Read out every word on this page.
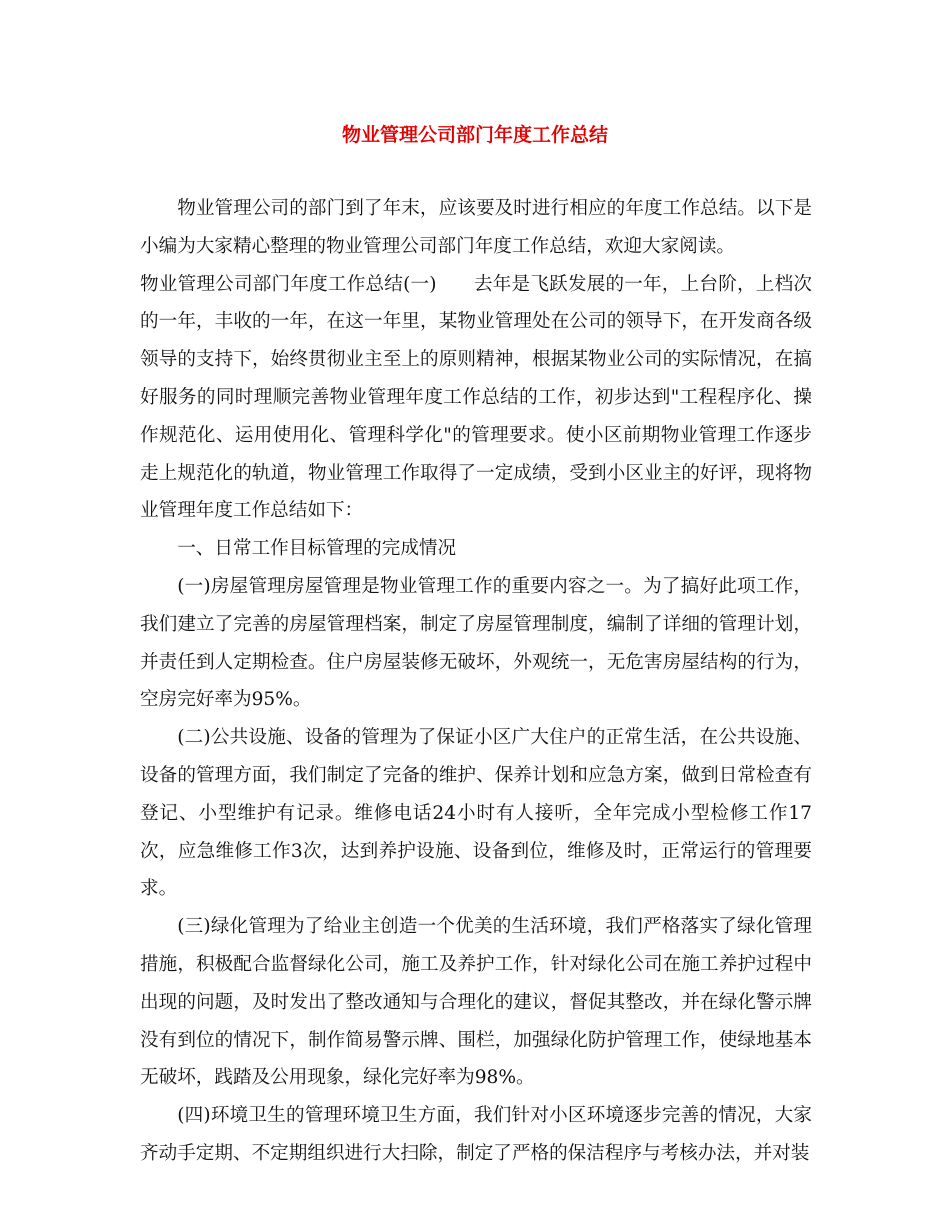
物业管理公司部门年度工作总结

物业管理公司的部门到了年末，应该要及时进行相应的年度工作总结。以下是小编为大家精心整理的物业管理公司部门年度工作总结，欢迎大家阅读。

物业管理公司部门年度工作总结(一) 去年是飞跃发展的一年，上台阶，上档次的一年，丰收的一年，在这一年里，某物业管理处在公司的领导下，在开发商各级领导的支持下，始终贯彻业主至上的原则精神，根据某物业公司的实际情况，在搞好服务的同时理顺完善物业管理年度工作总结的工作，初步达到"工程程序化、操作规范化、运用使用化、管理科学化"的管理要求。使小区前期物业管理工作逐步走上规范化的轨道，物业管理工作取得了一定成绩，受到小区业主的好评，现将物业管理年度工作总结如下：

一、日常工作目标管理的完成情况

(一)房屋管理房屋管理是物业管理工作的重要内容之一。为了搞好此项工作，我们建立了完善的房屋管理档案，制定了房屋管理制度，编制了详细的管理计划，并责任到人定期检查。住户房屋装修无破坏，外观统一，无危害房屋结构的行为，空房完好率为95%。

(二)公共设施、设备的管理为了保证小区广大住户的正常生活，在公共设施、设备的管理方面，我们制定了完备的维护、保养计划和应急方案，做到日常检查有登记、小型维护有记录。维修电话24小时有人接听，全年完成小型检修工作17次，应急维修工作3次，达到养护设施、设备到位，维修及时，正常运行的管理要求。

(三)绿化管理为了给业主创造一个优美的生活环境，我们严格落实了绿化管理措施，积极配合监督绿化公司，施工及养护工作，针对绿化公司在施工养护过程中出现的问题，及时发出了整改通知与合理化的建议，督促其整改，并在绿化警示牌没有到位的情况下，制作简易警示牌、围栏，加强绿化防护管理工作，使绿地基本无破坏，践踏及公用现象，绿化完好率为98%。

(四)环境卫生的管理环境卫生方面，我们针对小区环境逐步完善的情况，大家齐动手定期、不定期组织进行大扫除，制定了严格的保洁程序与考核办法，并对装
